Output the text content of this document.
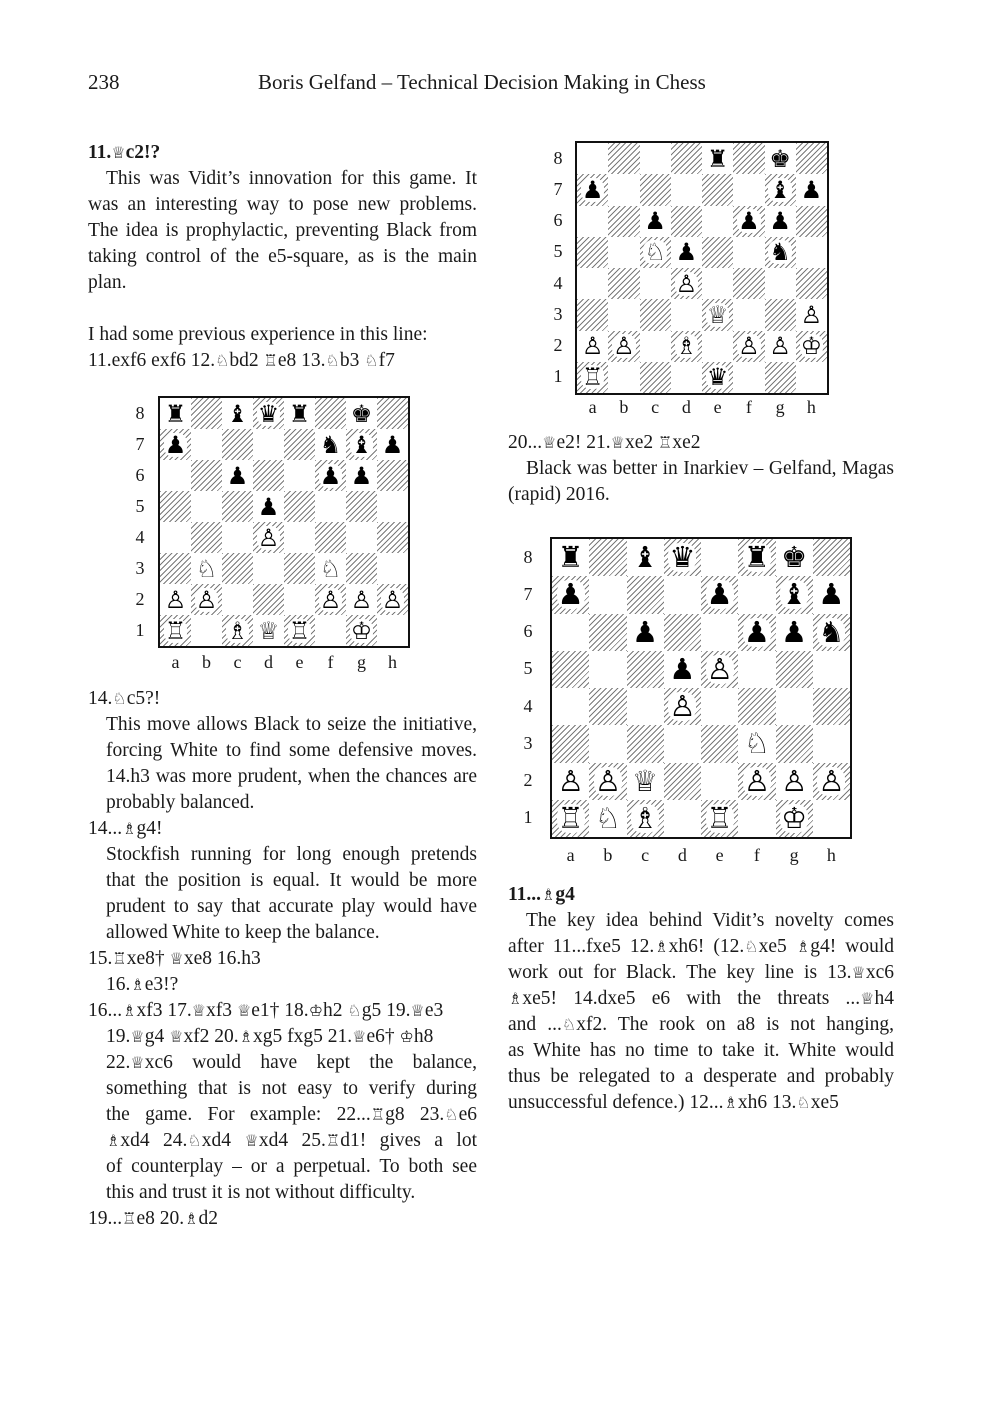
238	Boris Gelfand – Technical Decision Making in Chess
11.♕c2!?

This was Vidit’s innovation for this game. It was an interesting way to pose new problems. The idea is prophylactic, preventing Black from taking control of the e5-square, as is the main plan.

I had some previous experience in this line: 11.exf6 exf6 12.♘bd2 ♖e8 13.♘b3 ♘f7

♜ ♝ ♛ ♜ ♚
♟	♞ ♝ ♟
♟	♟ ♟
♟
♙
♘	♘
♙ ♙	♙ ♙ ♙
♖ ♗ ♕ ♖ ♔
8
7
6
5
4
3
2
1
a	b	c	d	e	f	g	h
14.♘c5?!

This move allows Black to seize the initiative, forcing White to find some defensive moves. 14.h3 was more prudent, when the chances are probably balanced.

14...♗g4!

Stockfish running for long enough pretends that the position is equal. It would be more prudent to say that accurate play would have allowed White to keep the balance.

15.♖xe8† ♕xe8 16.h3
16.♗e3!?
16...♗xf3 17.♕xf3 ♕e1† 18.♔h2 ♘g5 19.♕e3
19.♕g4 ♕xf2 20.♗xg5 fxg5 21.♕e6† ♔h8
22.♕xc6 would have kept the balance,
something that is not easy to verify during
the game. For example: 22...♖g8 23.♘e6
♗xd4 24.♘xd4 ♕xd4 25.♖d1! gives a lot
of counterplay – or a perpetual. To both see
this and trust it is not without difficulty.
19...♖e8 20.♗d2
♜ ♚
♟	♝ ♟
♟	♟ ♟
♘ ♟	♞
♙
♕	♙
♙ ♙ ♗ ♙ ♙ ♔
♖	♛
8
7
6
5
4
3
2
1
a	b	c	d	e	f	g	h
20...♕e2! 21.♕xe2 ♖xe2

Black was better in Inarkiev – Gelfand, Magas (rapid) 2016.

♜ ♝ ♛ ♜ ♚
♟	♟ ♝ ♟
♟	♟ ♟ ♞
♟ ♙
♙
♘
♙ ♙ ♕	♙ ♙ ♙
♖ ♘ ♗ ♖ ♔
8
7
6
5
4
3
2
1
a	b	c	d	e	f	g	h
11...♗g4
The key idea behind Vidit’s novelty comes
after 11...fxe5 12.♗xh6! (12.♘xe5 ♗g4! would
work out for Black. The key line is 13.♕xc6
♗xe5! 14.dxe5 e6 with the threats ...♕h4
and ...♘xf2. The rook on a8 is not hanging,
as White has no time to take it. White would
thus be relegated to a desperate and probably
unsuccessful defence.) 12...♗xh6 13.♘xe5
